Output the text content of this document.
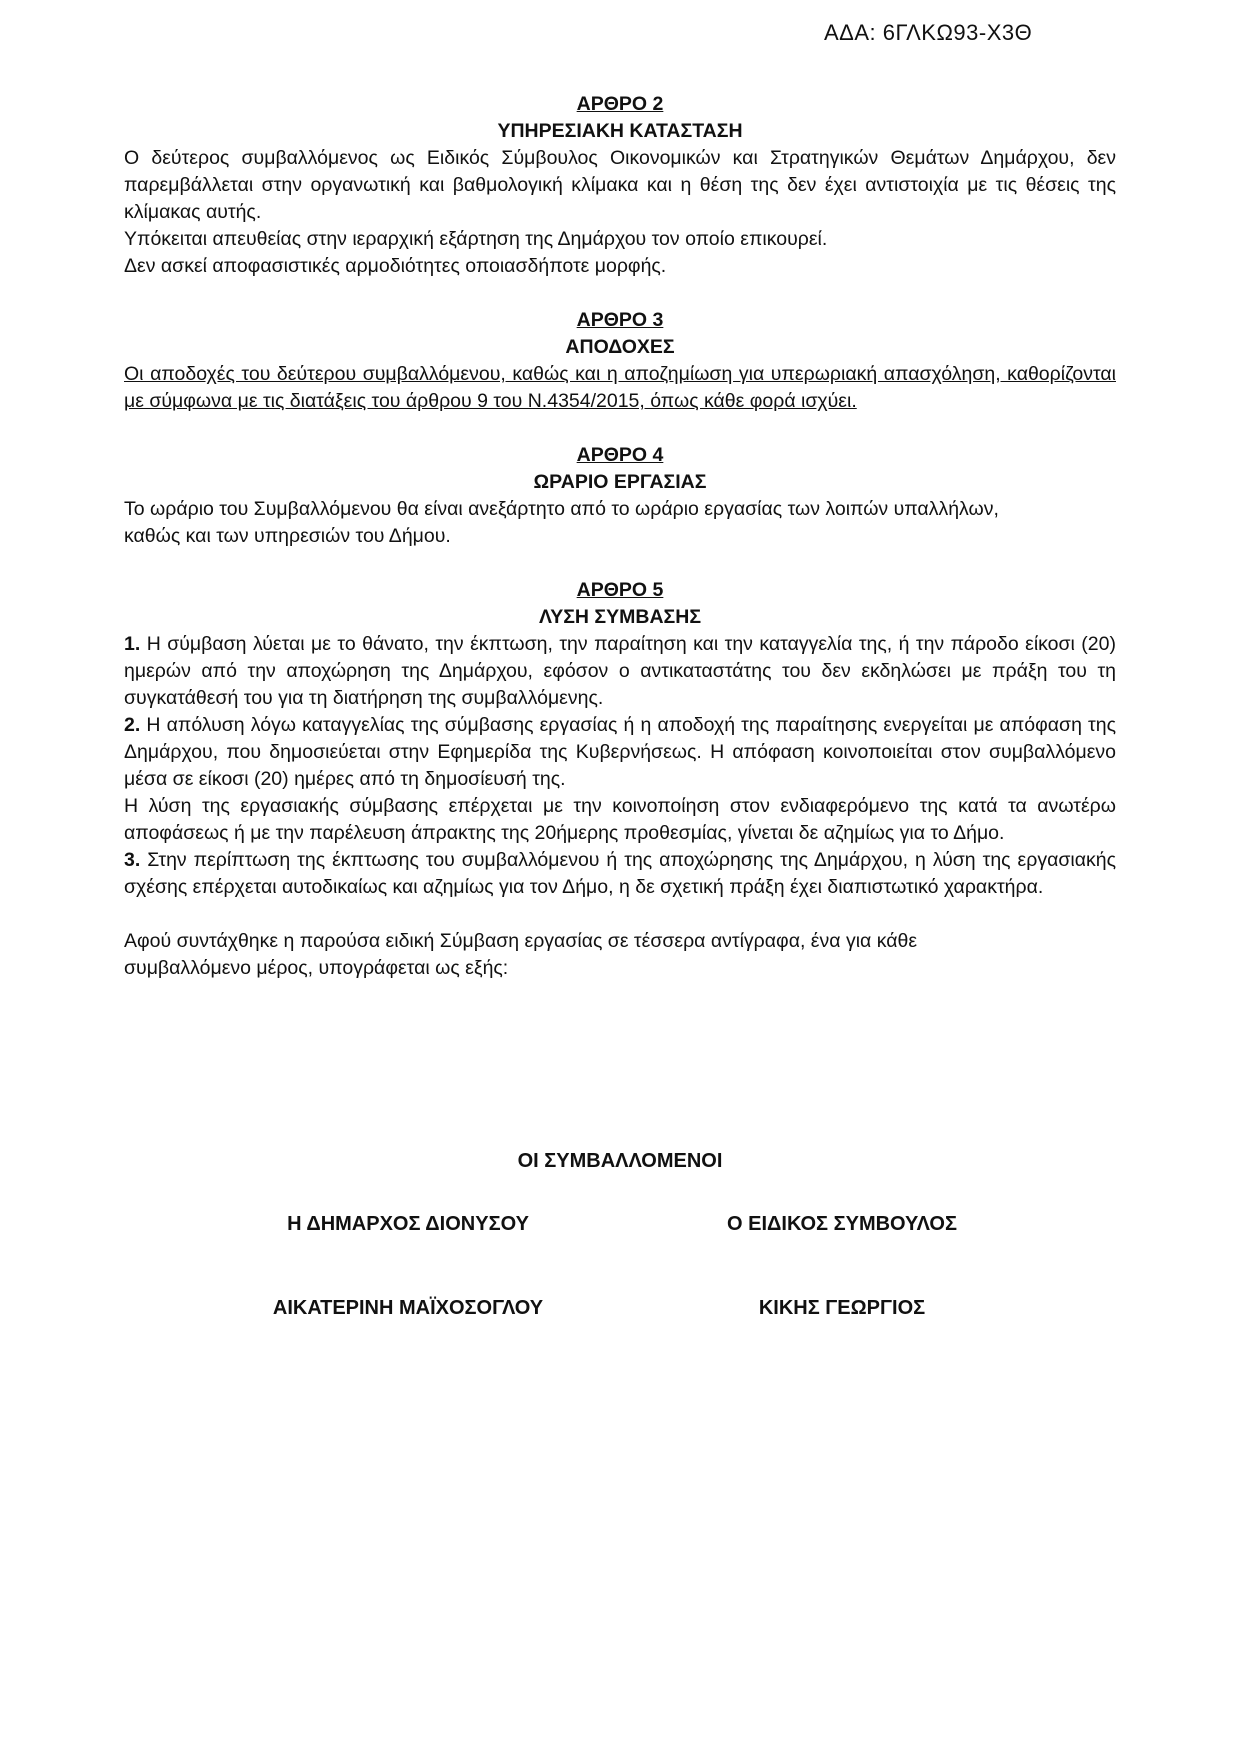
ΑΔΑ: 6ΓΛΚΩ93-Χ3Θ

ΑΡΘΡΟ 2

ΥΠΗΡΕΣΙΑΚΗ ΚΑΤΑΣΤΑΣΗ

Ο δεύτερος συμβαλλόμενος ως Ειδικός Σύμβουλος Οικονομικών και Στρατηγικών Θεμάτων Δημάρχου, δεν παρεμβάλλεται στην οργανωτική και βαθμολογική κλίμακα και η θέση της δεν έχει αντιστοιχία με τις θέσεις της κλίμακας αυτής.

Υπόκειται απευθείας στην ιεραρχική εξάρτηση της Δημάρχου τον οποίο επικουρεί.

Δεν ασκεί αποφασιστικές αρμοδιότητες οποιασδήποτε μορφής.

ΑΡΘΡΟ 3

ΑΠΟΔΟΧΕΣ

Οι αποδοχές του δεύτερου συμβαλλόμενου, καθώς και η αποζημίωση για υπερωριακή απασχόληση, καθορίζονται με σύμφωνα με τις διατάξεις του άρθρου 9 του Ν.4354/2015, όπως κάθε φορά ισχύει.

ΑΡΘΡΟ 4

ΩΡΑΡΙΟ ΕΡΓΑΣΙΑΣ

Το ωράριο του Συμβαλλόμενου θα είναι ανεξάρτητο από το ωράριο εργασίας των λοιπών υπαλλήλων,

καθώς και των υπηρεσιών του Δήμου.

ΑΡΘΡΟ 5

ΛΥΣΗ ΣΥΜΒΑΣΗΣ

1. Η σύμβαση λύεται με το θάνατο, την έκπτωση, την παραίτηση και την καταγγελία της, ή την πάροδο είκοσι (20) ημερών από την αποχώρηση της Δημάρχου, εφόσον ο αντικαταστάτης του δεν εκδηλώσει με πράξη του τη συγκατάθεσή του για τη διατήρηση της συμβαλλόμενης.

2. Η απόλυση λόγω καταγγελίας της σύμβασης εργασίας ή η αποδοχή της παραίτησης ενεργείται με απόφαση της Δημάρχου, που δημοσιεύεται στην Εφημερίδα της Κυβερνήσεως. Η απόφαση κοινοποιείται στον συμβαλλόμενο μέσα σε είκοσι (20) ημέρες από τη δημοσίευσή της.

Η λύση της εργασιακής σύμβασης επέρχεται με την κοινοποίηση στον ενδιαφερόμενο της κατά τα ανωτέρω αποφάσεως ή με την παρέλευση άπρακτης της 20ήμερης προθεσμίας, γίνεται δε αζημίως για το Δήμο.

3. Στην περίπτωση της έκπτωσης του συμβαλλόμενου ή της αποχώρησης της Δημάρχου, η λύση της εργασιακής σχέσης επέρχεται αυτοδικαίως και αζημίως για τον Δήμο, η δε σχετική πράξη έχει διαπιστωτικό χαρακτήρα.

Αφού συντάχθηκε η παρούσα ειδική Σύμβαση εργασίας σε τέσσερα αντίγραφα, ένα για κάθε

συμβαλλόμενο μέρος, υπογράφεται ως εξής:

ΟΙ ΣΥΜΒΑΛΛΟΜΕΝΟΙ
Η ΔΗΜΑΡΧΟΣ ΔΙΟΝΥΣΟΥ	Ο ΕΙΔΙΚΟΣ ΣΥΜΒΟΥΛΟΣ
ΑΙΚΑΤΕΡΙΝΗ ΜΑΪΧΟΣΟΓΛΟΥ	ΚΙΚΗΣ ΓΕΩΡΓΙΟΣ
